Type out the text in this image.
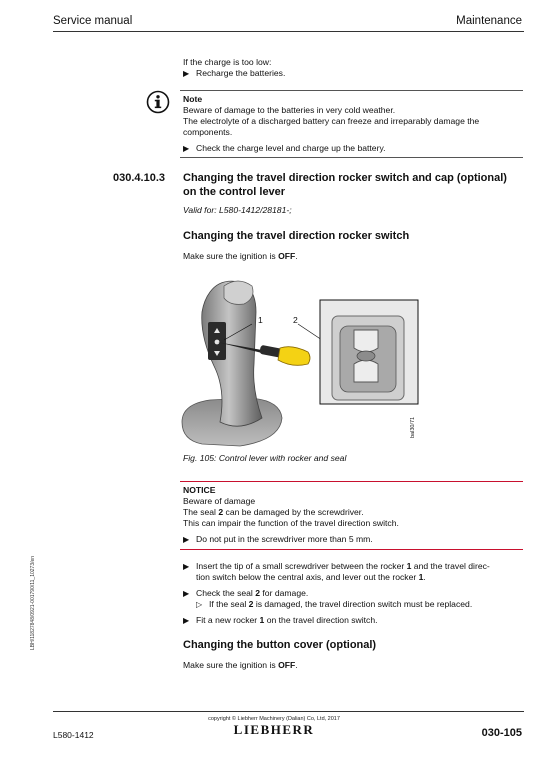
Service manual	Maintenance
If the charge is too low:
▶ Recharge the batteries.
Note
Beware of damage to the batteries in very cold weather.
The electrolyte of a discharged battery can freeze and irreparably damage the
components.
▶ Check the charge level and charge up the battery.
030.4.10.3 Changing the travel direction rocker switch and cap (optional)
on the control lever
Valid for: L580-1412/28181-;
Changing the travel direction rocker switch
Make sure the ignition is OFF.
1	2
bal30/71
Fig. 105: Control lever with rocker and seal
NOTICE
Beware of damage
The seal 2 can be damaged by the screwdriver.
This can impair the function of the travel direction switch.
▶ Do not put in the screwdriver more than 5 mm.
▶ Insert the tip of a small screwdriver between the rocker 1 and the travel direc-
tion switch below the central axis, and lever out the rocker 1.
▶ Check the seal 2 for damage.
▷ If the seal 2 is damaged, the travel direction switch must be replaced.
▶ Fit a new rocker 1 on the travel direction switch.
Changing the button cover (optional)
Make sure the ignition is OFF.
LBH/11827848/0921-001790/11_10273/en
copyright © Liebherr Machinery (Dalian) Co, Ltd, 2017
LIEBHERR
L580-1412	030-105
